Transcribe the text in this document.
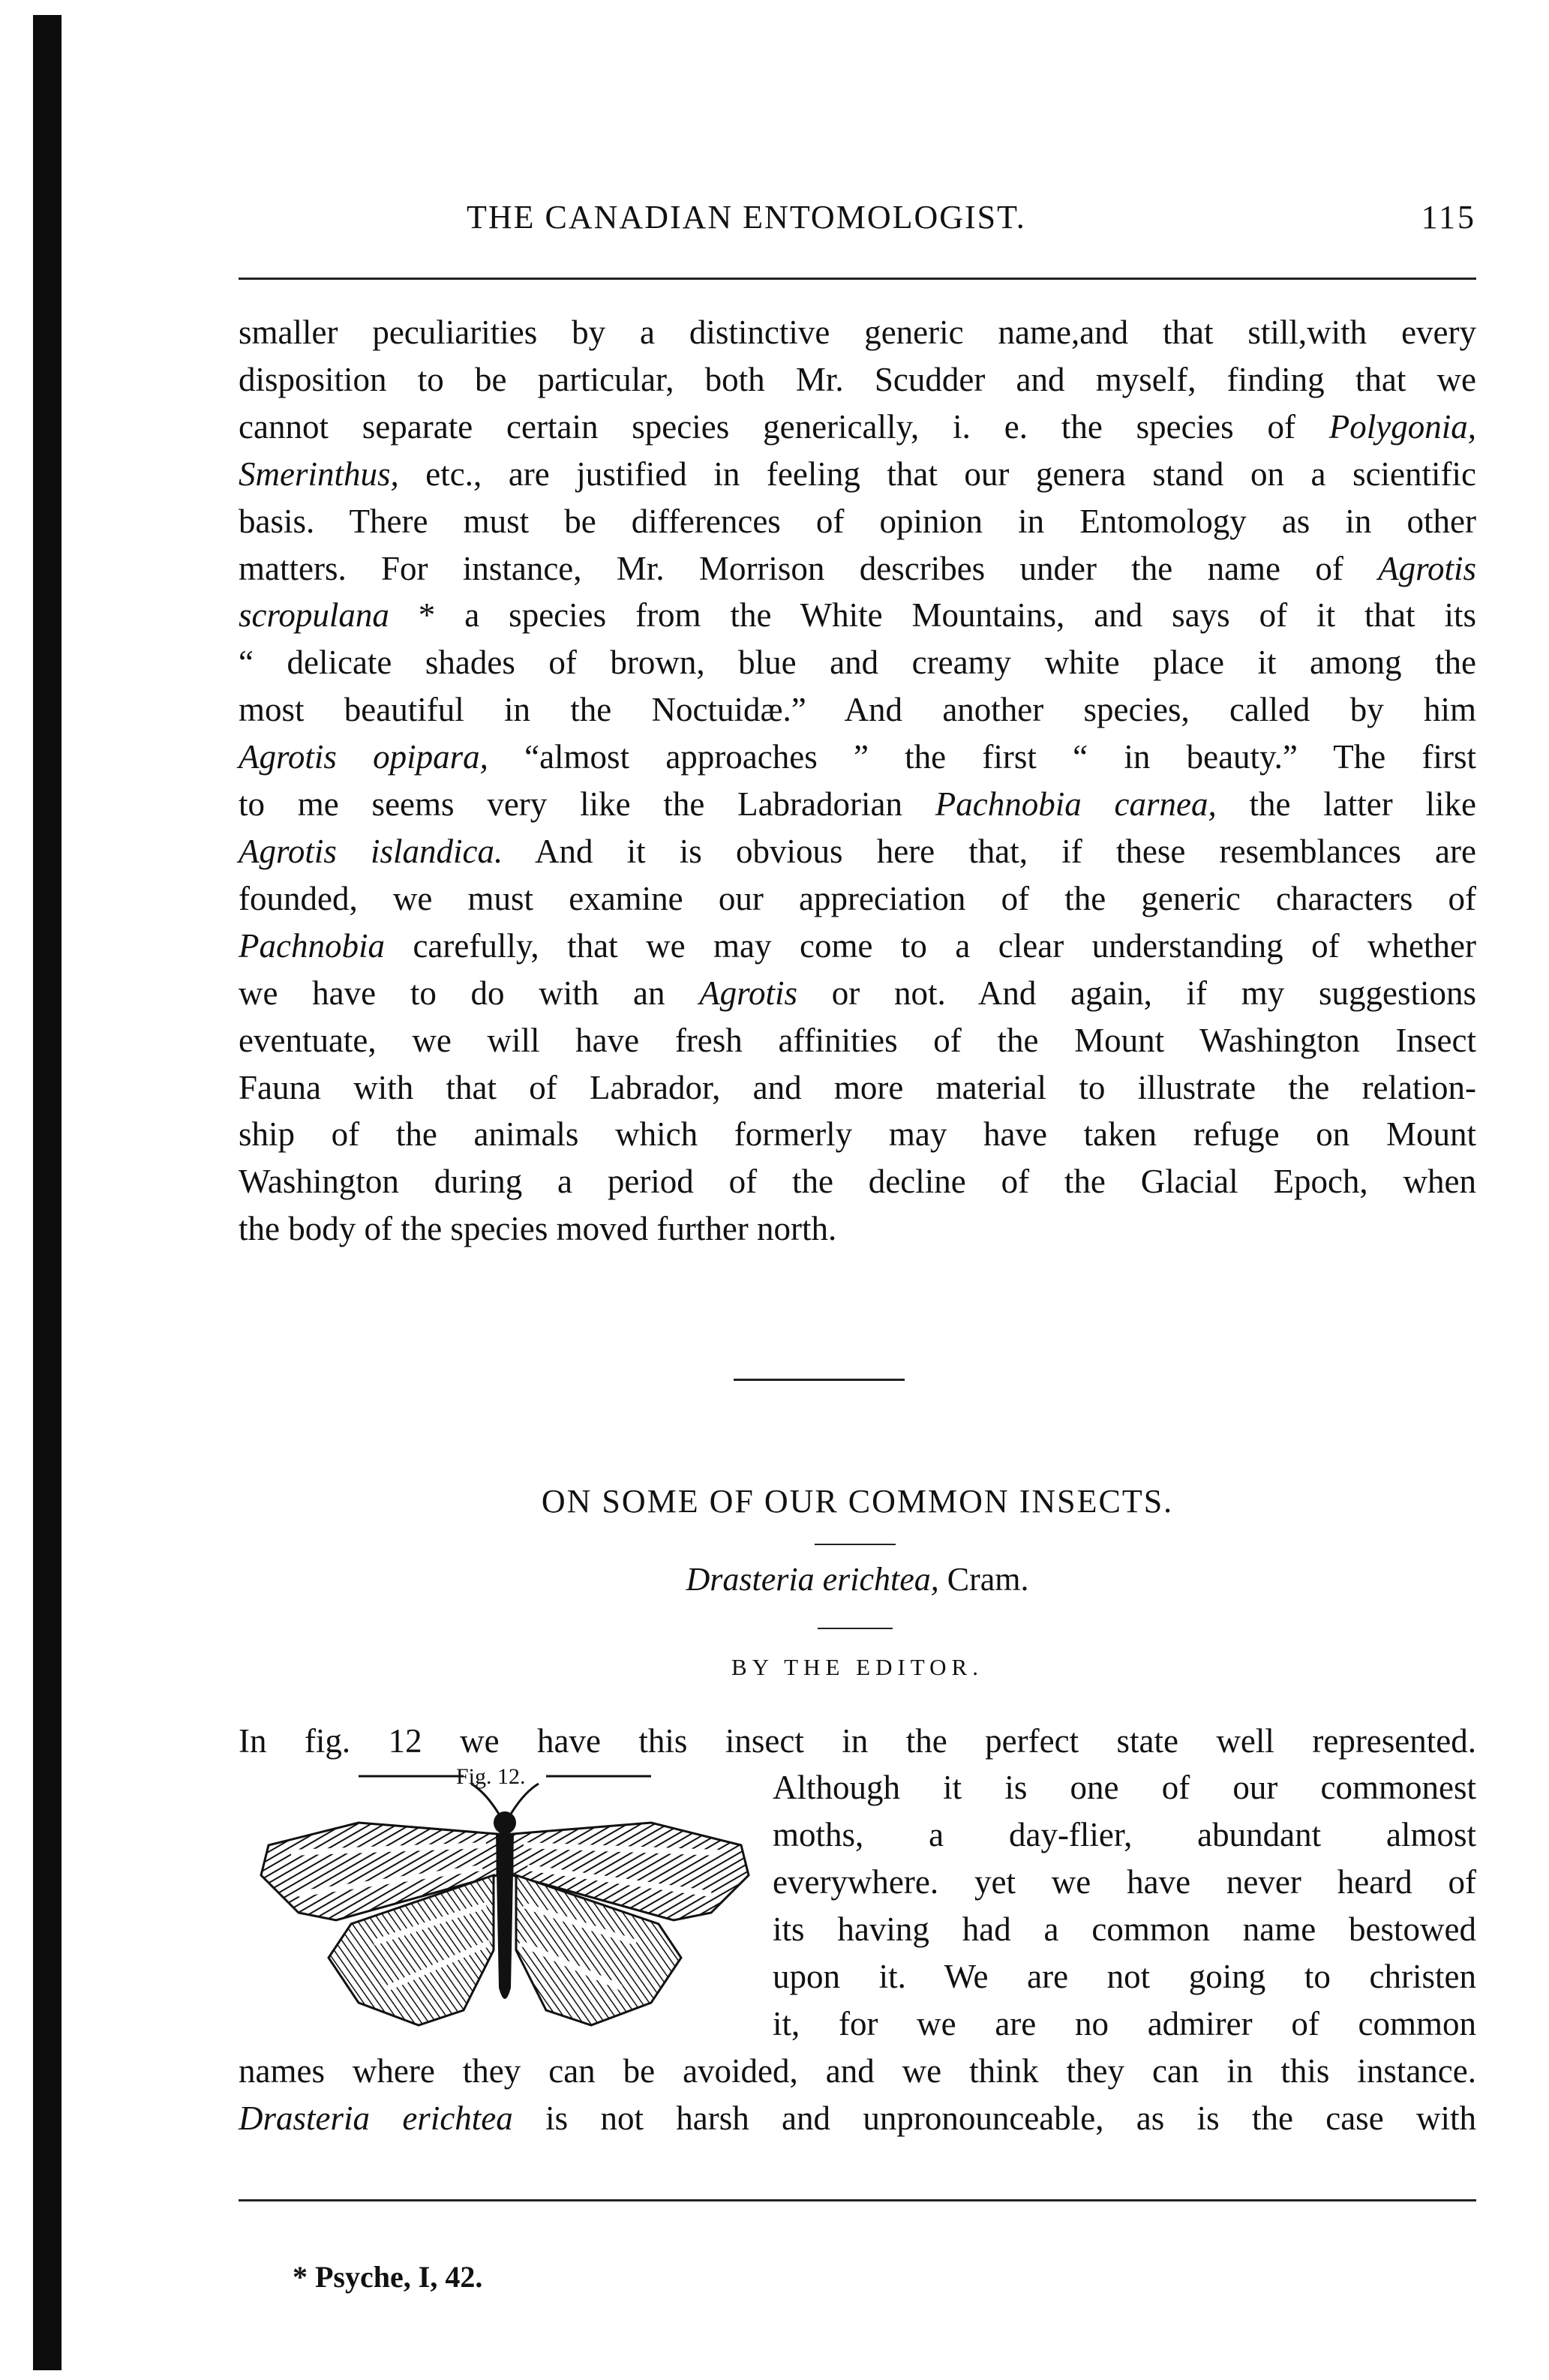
THE CANADIAN ENTOMOLOGIST.	115
smaller peculiarities by a distinctive generic name,and that still,with every
disposition to be particular, both Mr. Scudder and myself, finding that we
cannot separate certain species generically, i. e. the species of Polygonia,
Smerinthus, etc., are justified in feeling that our genera stand on a scientific
basis. There must be differences of opinion in Entomology as in other
matters. For instance, Mr. Morrison describes under the name of Agrotis
scropulana * a species from the White Mountains, and says of it that its
“ delicate shades of brown, blue and creamy white place it among the
most beautiful in the Noctuidæ.” And another species, called by him
Agrotis opipara, “almost approaches ” the first “ in beauty.” The first
to me seems very like the Labradorian Pachnobia carnea, the latter like
Agrotis islandica. And it is obvious here that, if these resemblances are
founded, we must examine our appreciation of the generic characters of
Pachnobia carefully, that we may come to a clear understanding of whether
we have to do with an Agrotis or not. And again, if my suggestions
eventuate, we will have fresh affinities of the Mount Washington Insect
Fauna with that of Labrador, and more material to illustrate the relation-
ship of the animals which formerly may have taken refuge on Mount
Washington during a period of the decline of the Glacial Epoch, when
the body of the species moved further north.
ON SOME OF OUR COMMON INSECTS.
Drasteria erichtea, Cram.
BY THE EDITOR.
In fig. 12 we have this insect in the perfect state well represented.
Fig. 12.	Although it is one of our commonest
moths, a day-flier, abundant almost
everywhere. yet we have never heard of
its having had a common name bestowed
upon it. We are not going to christen
it, for we are no admirer of common
names where they can be avoided, and we think they can in this instance.
Drasteria erichtea is not harsh and unpronounceable, as is the case with
* Psyche, I, 42.
